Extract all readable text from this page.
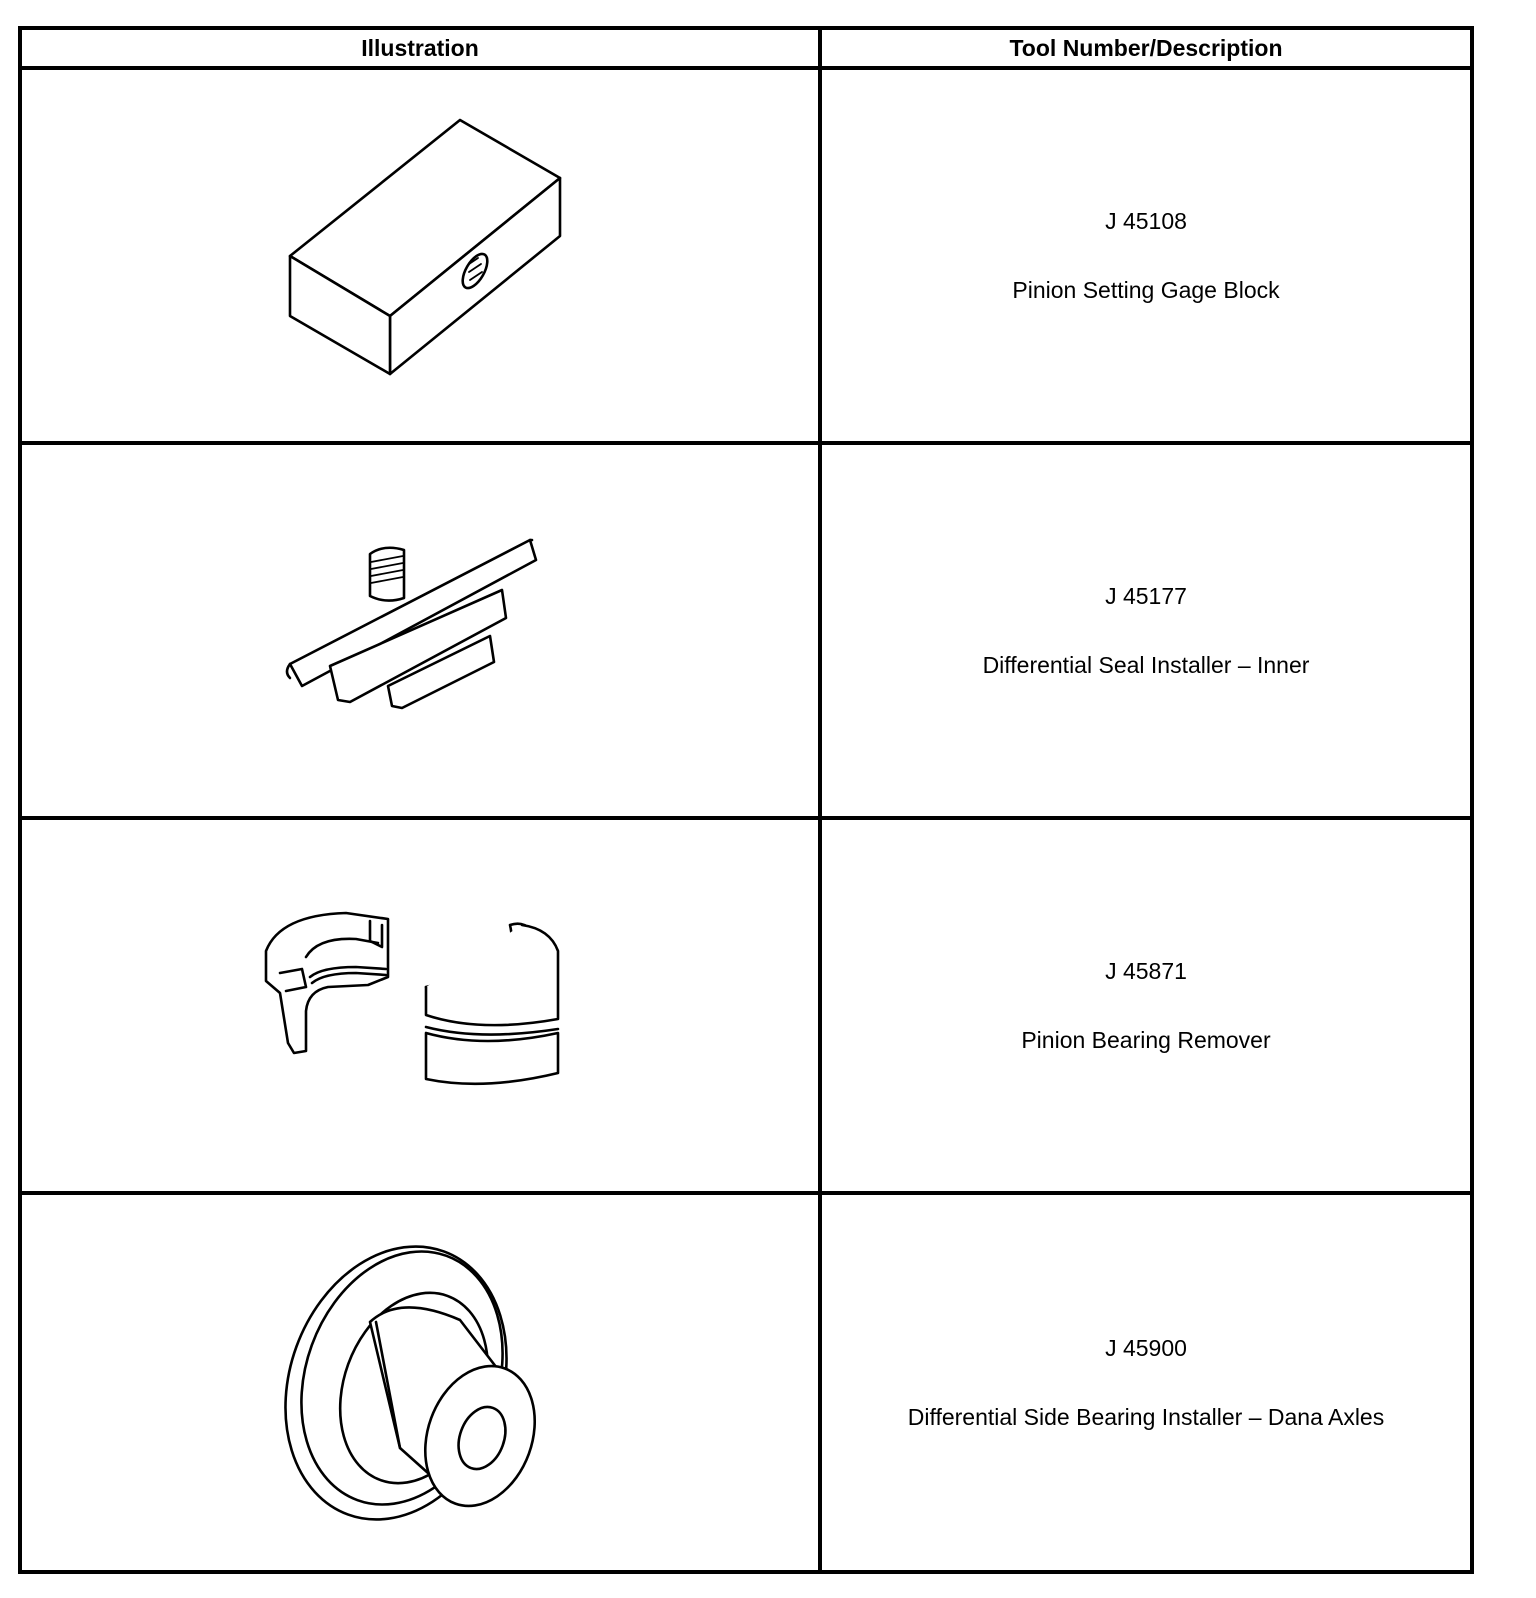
Illustration	Tool Number/Description
J 45108
Pinion Setting Gage Block
J 45177
Differential Seal Installer – Inner
J 45871
Pinion Bearing Remover
J 45900
Differential Side Bearing Installer – Dana Axles
